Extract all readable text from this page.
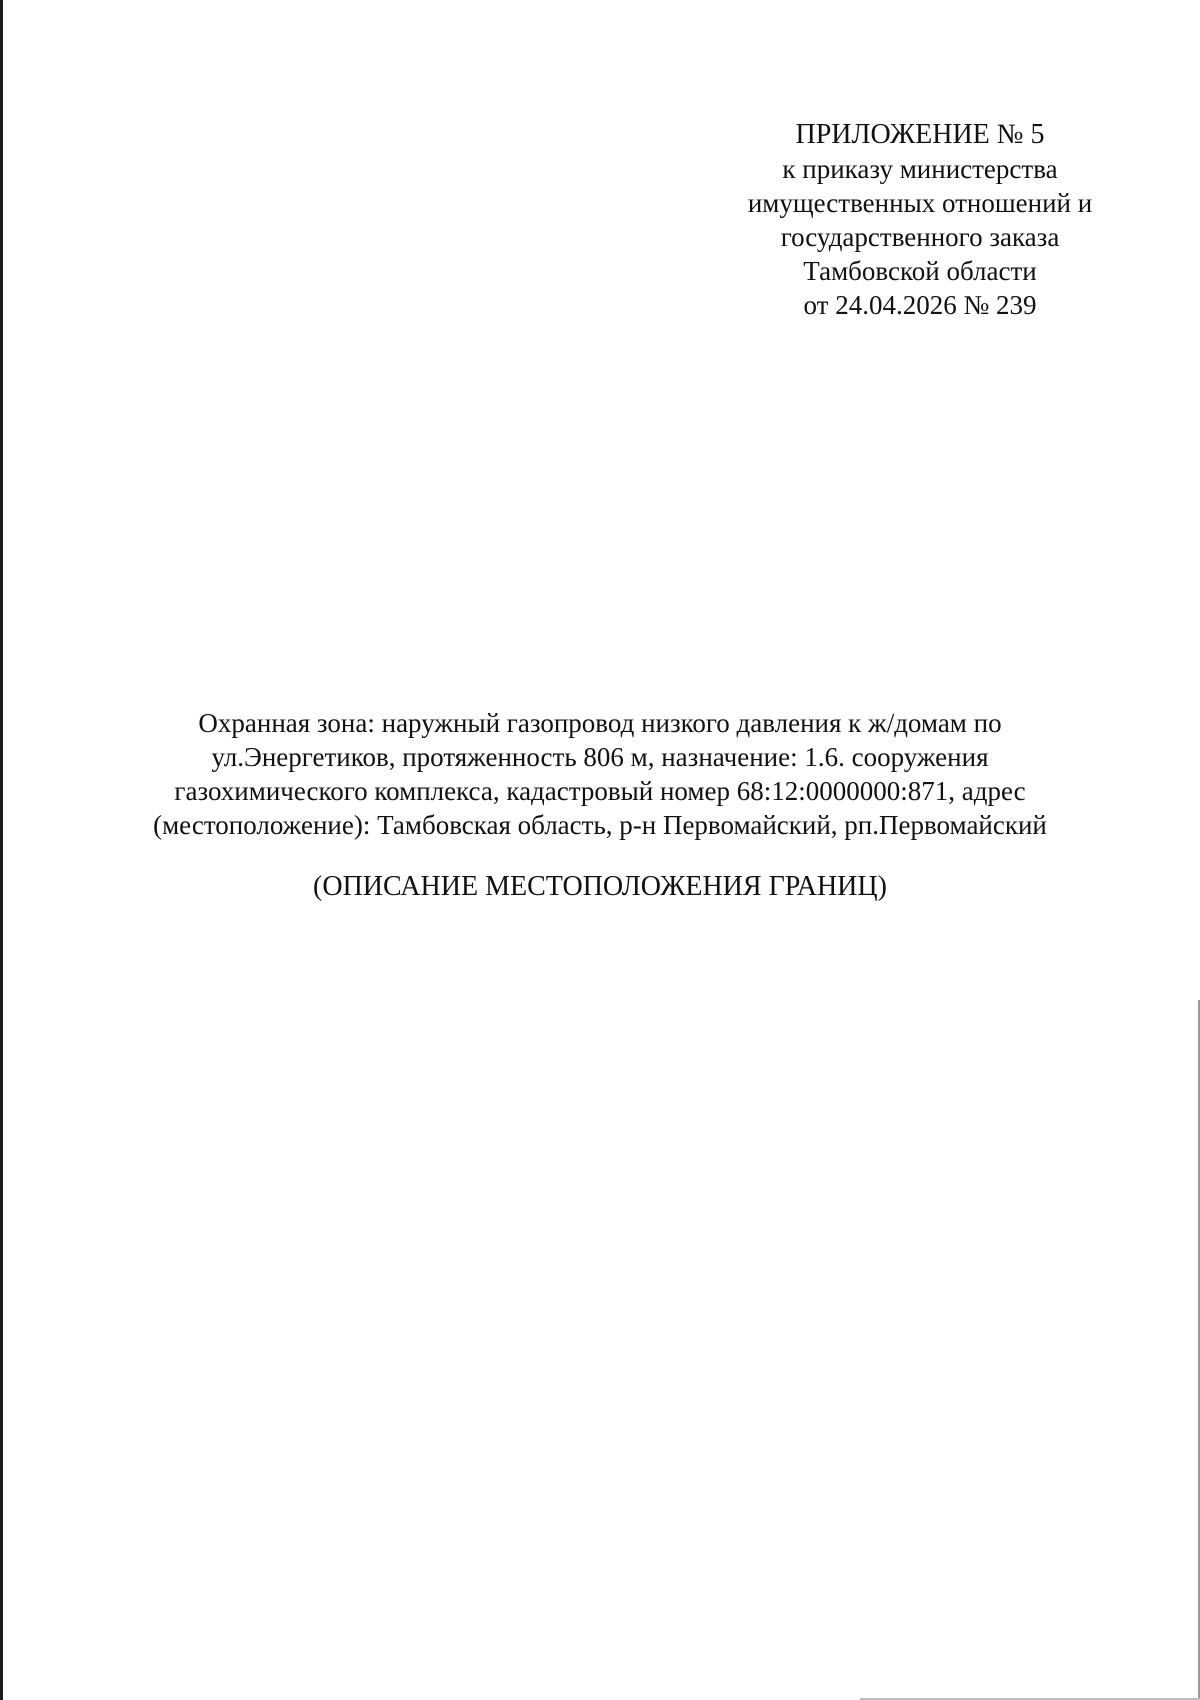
ПРИЛОЖЕНИЕ № 5
к приказу министерства
имущественных отношений и
государственного заказа
Тамбовской области
от 24.04.2026 № 239
Охранная зона: наружный газопровод низкого давления к ж/домам по
ул.Энергетиков, протяженность 806 м, назначение: 1.6. сооружения
газохимического комплекса, кадастровый номер 68:12:0000000:871, адрес
(местоположение): Тамбовская область, р-н Первомайский, рп.Первомайский
(ОПИСАНИЕ МЕСТОПОЛОЖЕНИЯ ГРАНИЦ)
